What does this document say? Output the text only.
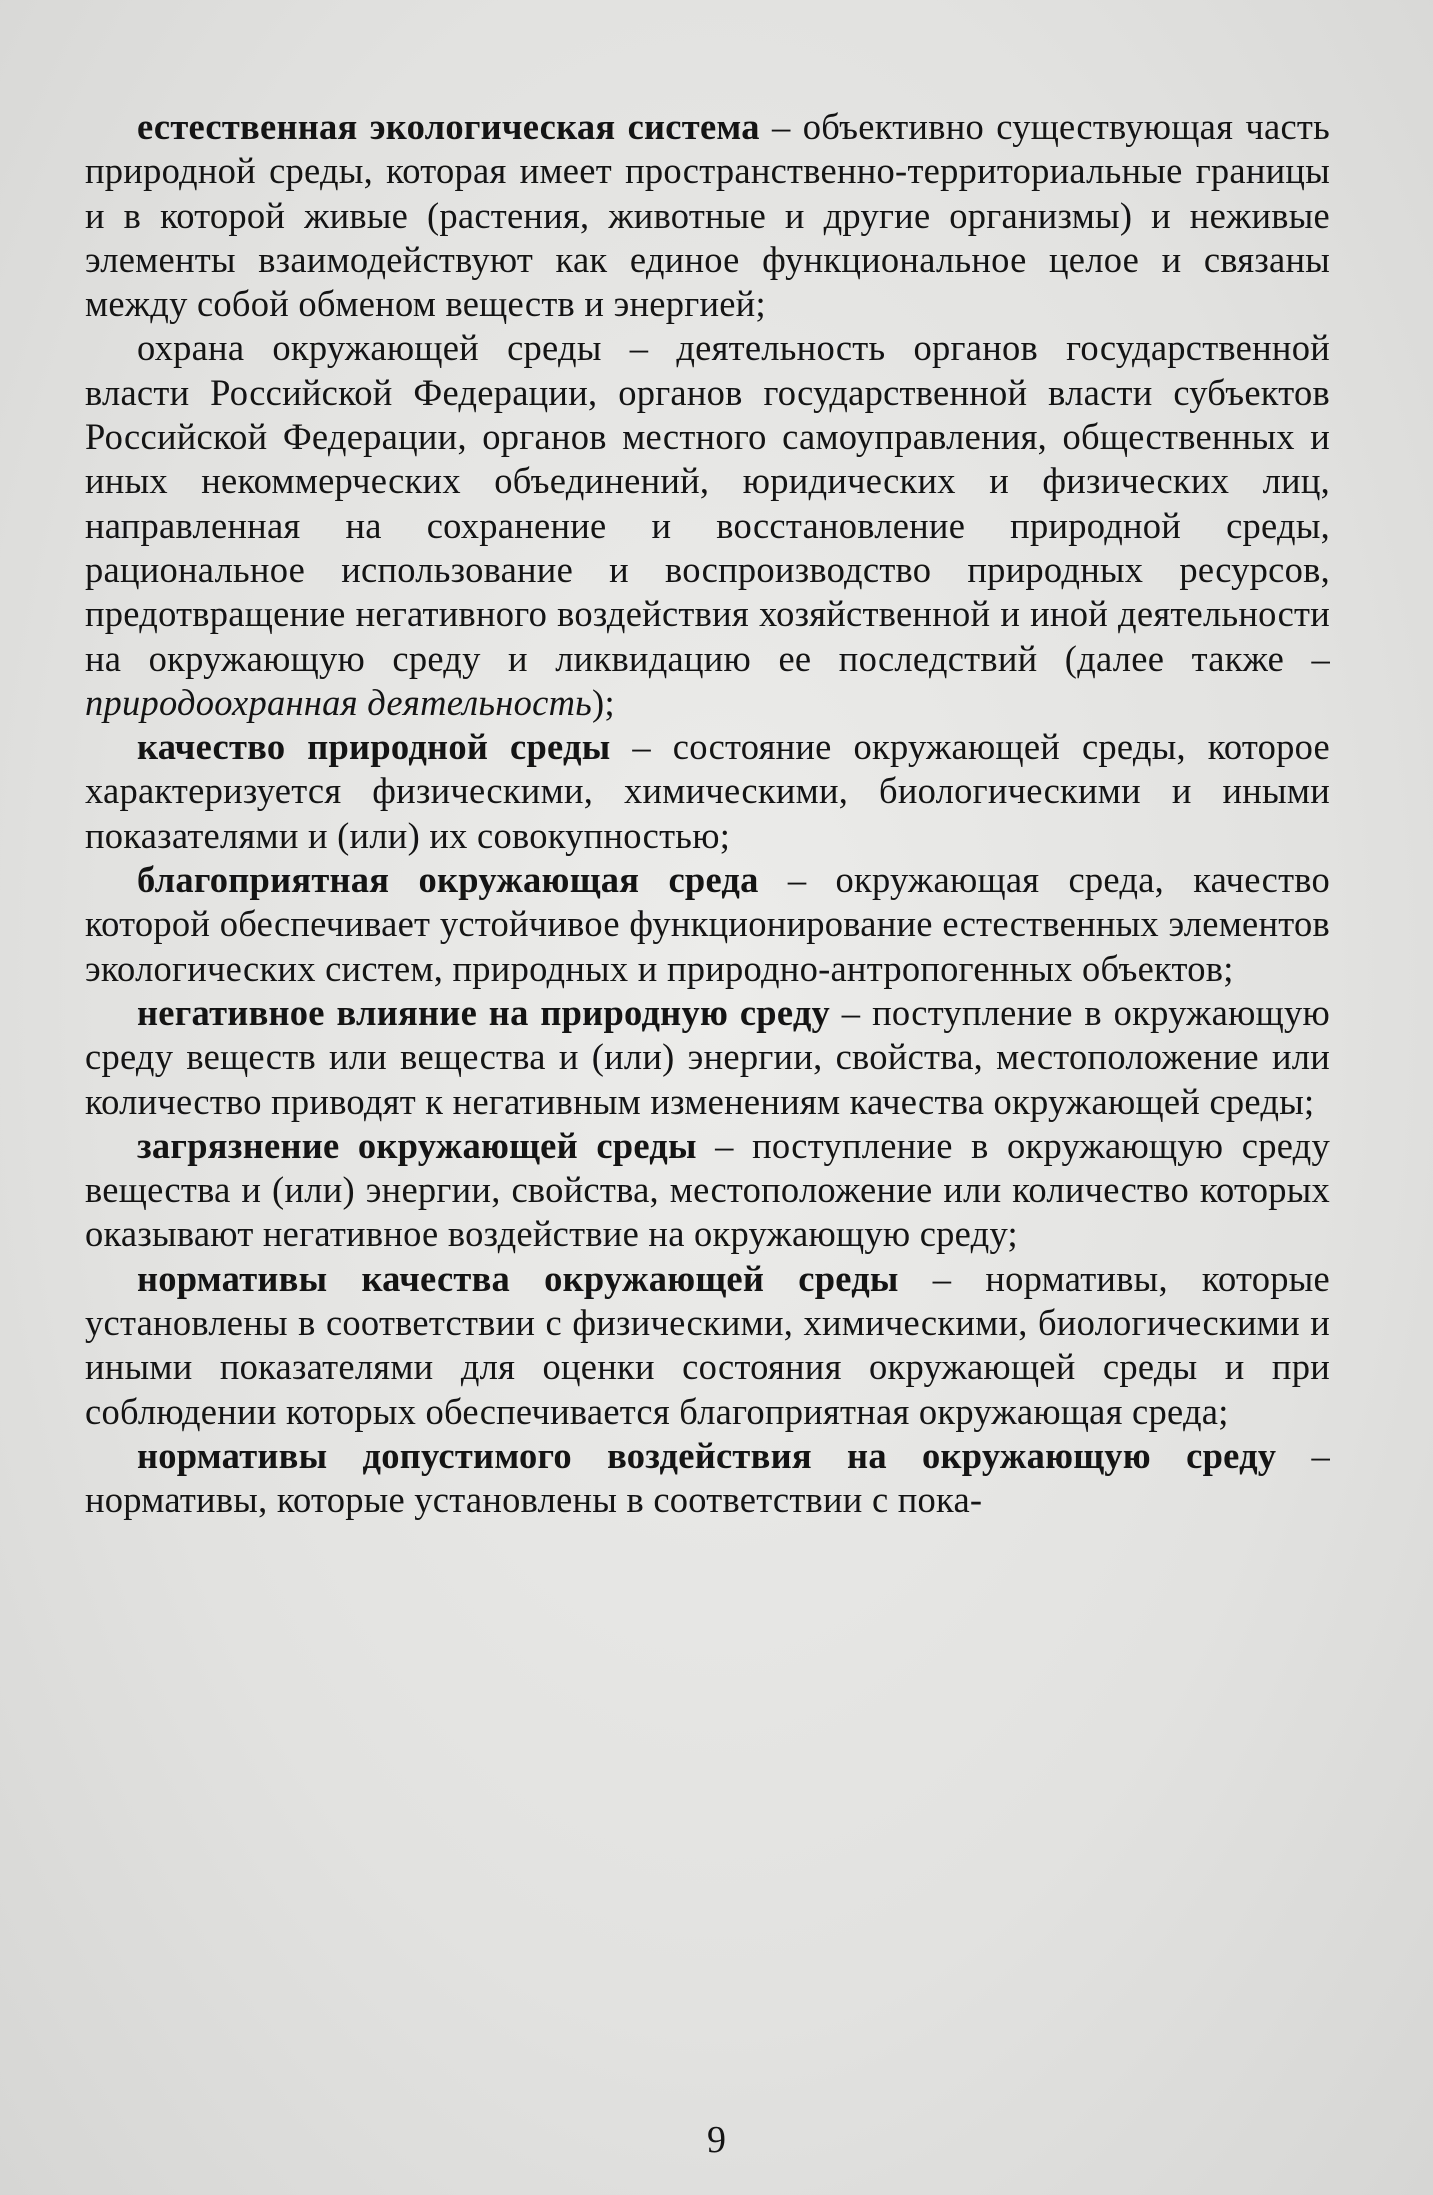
естественная экологическая система – объективно существующая часть природной среды, которая имеет пространственно-территориальные границы и в которой живые (растения, животные и другие организмы) и неживые элементы взаимодействуют как единое функциональное целое и связаны между собой обменом веществ и энергией;

охрана окружающей среды – деятельность органов государственной власти Российской Федерации, органов государственной власти субъектов Российской Федерации, органов местного самоуправления, общественных и иных некоммерческих объединений, юридических и физических лиц, направленная на сохранение и восстановление природной среды, рациональное использование и воспроизводство природных ресурсов, предотвращение негативного воздействия хозяйственной и иной деятельности на окружающую среду и ликвидацию ее последствий (далее также – природоохранная деятельность);

качество природной среды – состояние окружающей среды, которое характеризуется физическими, химическими, биологическими и иными показателями и (или) их совокупностью;

благоприятная окружающая среда – окружающая среда, качество которой обеспечивает устойчивое функционирование естественных элементов экологических систем, природных и природно-антропогенных объектов;

негативное влияние на природную среду – поступление в окружающую среду веществ или вещества и (или) энергии, свойства, местоположение или количество приводят к негативным изменениям качества окружающей среды;

загрязнение окружающей среды – поступление в окружающую среду вещества и (или) энергии, свойства, местоположение или количество которых оказывают негативное воздействие на окружающую среду;

нормативы качества окружающей среды – нормативы, которые установлены в соответствии с физическими, химическими, биологическими и иными показателями для оценки состояния окружающей среды и при соблюдении которых обеспечивается благоприятная окружающая среда;

нормативы допустимого воздействия на окружающую среду – нормативы, которые установлены в соответствии с пока-

9
